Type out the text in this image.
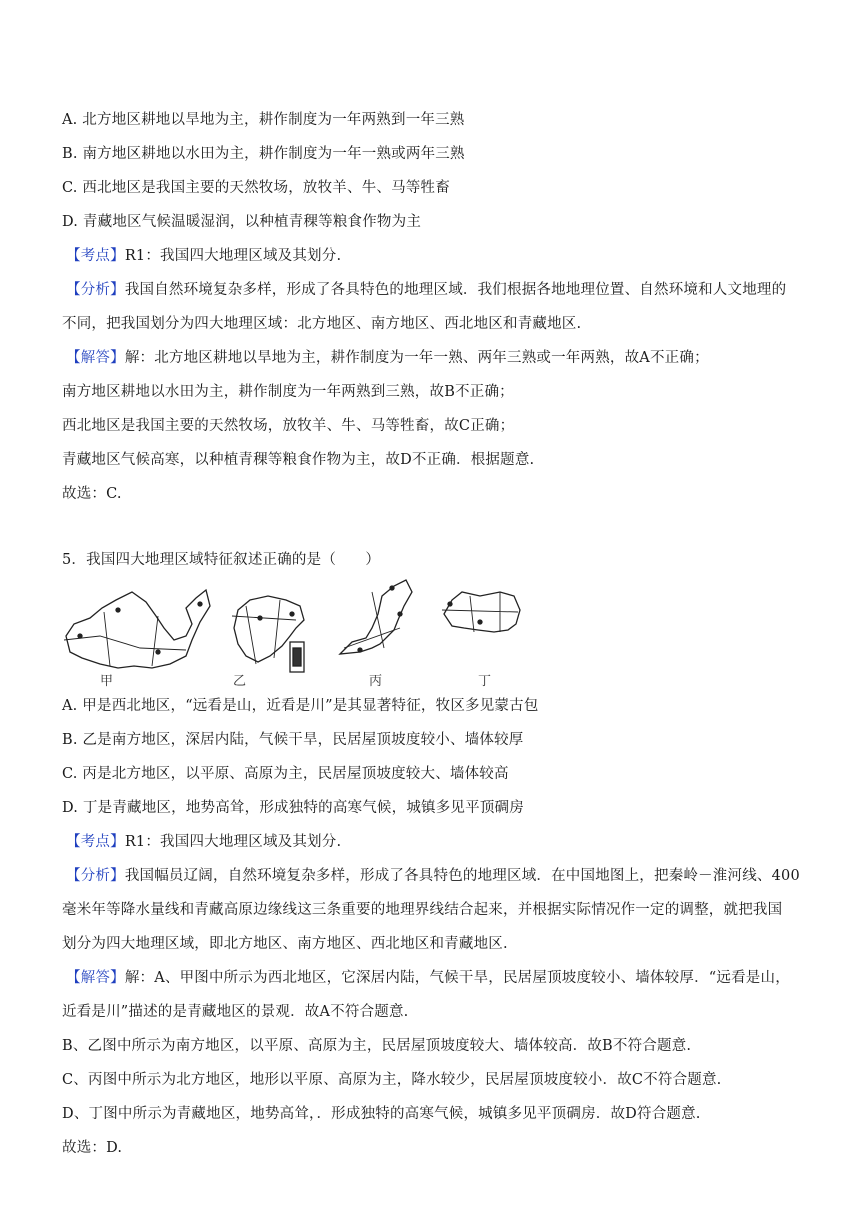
A. 北方地区耕地以旱地为主，耕作制度为一年两熟到一年三熟
B. 南方地区耕地以水田为主，耕作制度为一年一熟或两年三熟
C. 西北地区是我国主要的天然牧场，放牧羊、牛、马等牲畜
D. 青藏地区气候温暖湿润，以种植青稞等粮食作物为主
【考点】R1：我国四大地理区域及其划分.
【分析】我国自然环境复杂多样，形成了各具特色的地理区域．我们根据各地地理位置、自然环境和人文地理的
不同，把我国划分为四大地理区域：北方地区、南方地区、西北地区和青藏地区.
【解答】解：北方地区耕地以旱地为主，耕作制度为一年一熟、两年三熟或一年两熟，故A不正确；
南方地区耕地以水田为主，耕作制度为一年两熟到三熟，故B不正确；
西北地区是我国主要的天然牧场，放牧羊、牛、马等牲畜，故C正确；
青藏地区气候高寒，以种植青稞等粮食作物为主，故D不正确．根据题意.
故选：C.
5．我国四大地理区域特征叙述正确的是（　　）
甲	乙	丙	丁
A. 甲是西北地区，“远看是山，近看是川”是其显著特征，牧区多见蒙古包
B. 乙是南方地区，深居内陆，气候干旱，民居屋顶坡度较小、墙体较厚
C. 丙是北方地区，以平原、高原为主，民居屋顶坡度较大、墙体较高
D. 丁是青藏地区，地势高耸，形成独特的高寒气候，城镇多见平顶碉房
【考点】R1：我国四大地理区域及其划分.
【分析】我国幅员辽阔，自然环境复杂多样，形成了各具特色的地理区域．在中国地图上，把秦岭－淮河线、400
毫米年等降水量线和青藏高原边缘线这三条重要的地理界线结合起来，并根据实际情况作一定的调整，就把我国
划分为四大地理区域，即北方地区、南方地区、西北地区和青藏地区.
【解答】解：A、甲图中所示为西北地区，它深居内陆，气候干旱，民居屋顶坡度较小、墙体较厚．“远看是山，
近看是川”描述的是青藏地区的景观．故A不符合题意.
B、乙图中所示为南方地区，以平原、高原为主，民居屋顶坡度较大、墙体较高．故B不符合题意.
C、丙图中所示为北方地区，地形以平原、高原为主，降水较少，民居屋顶坡度较小．故C不符合题意.
D、丁图中所示为青藏地区，地势高耸，．形成独特的高寒气候，城镇多见平顶碉房．故D符合题意.
故选：D.
